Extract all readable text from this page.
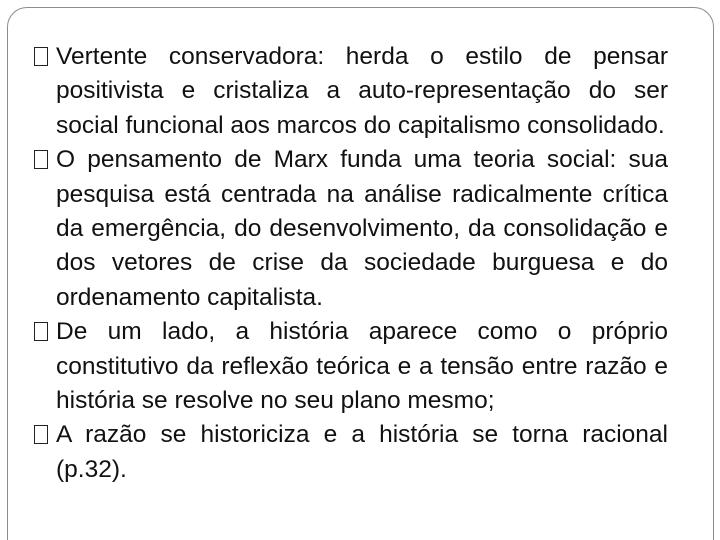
Vertente conservadora: herda o estilo de pensar positivista e cristaliza a auto-representação do ser social funcional aos marcos do capitalismo consolidado.
O pensamento de Marx funda uma teoria social: sua pesquisa está centrada na análise radicalmente crítica da emergência, do desenvolvimento, da consolidação e dos vetores de crise da sociedade burguesa e do ordenamento capitalista.
De um lado, a história aparece como o próprio constitutivo da reflexão teórica e a tensão entre razão e história se resolve no seu plano mesmo;
A razão se historiciza e a história se torna racional (p.32).
